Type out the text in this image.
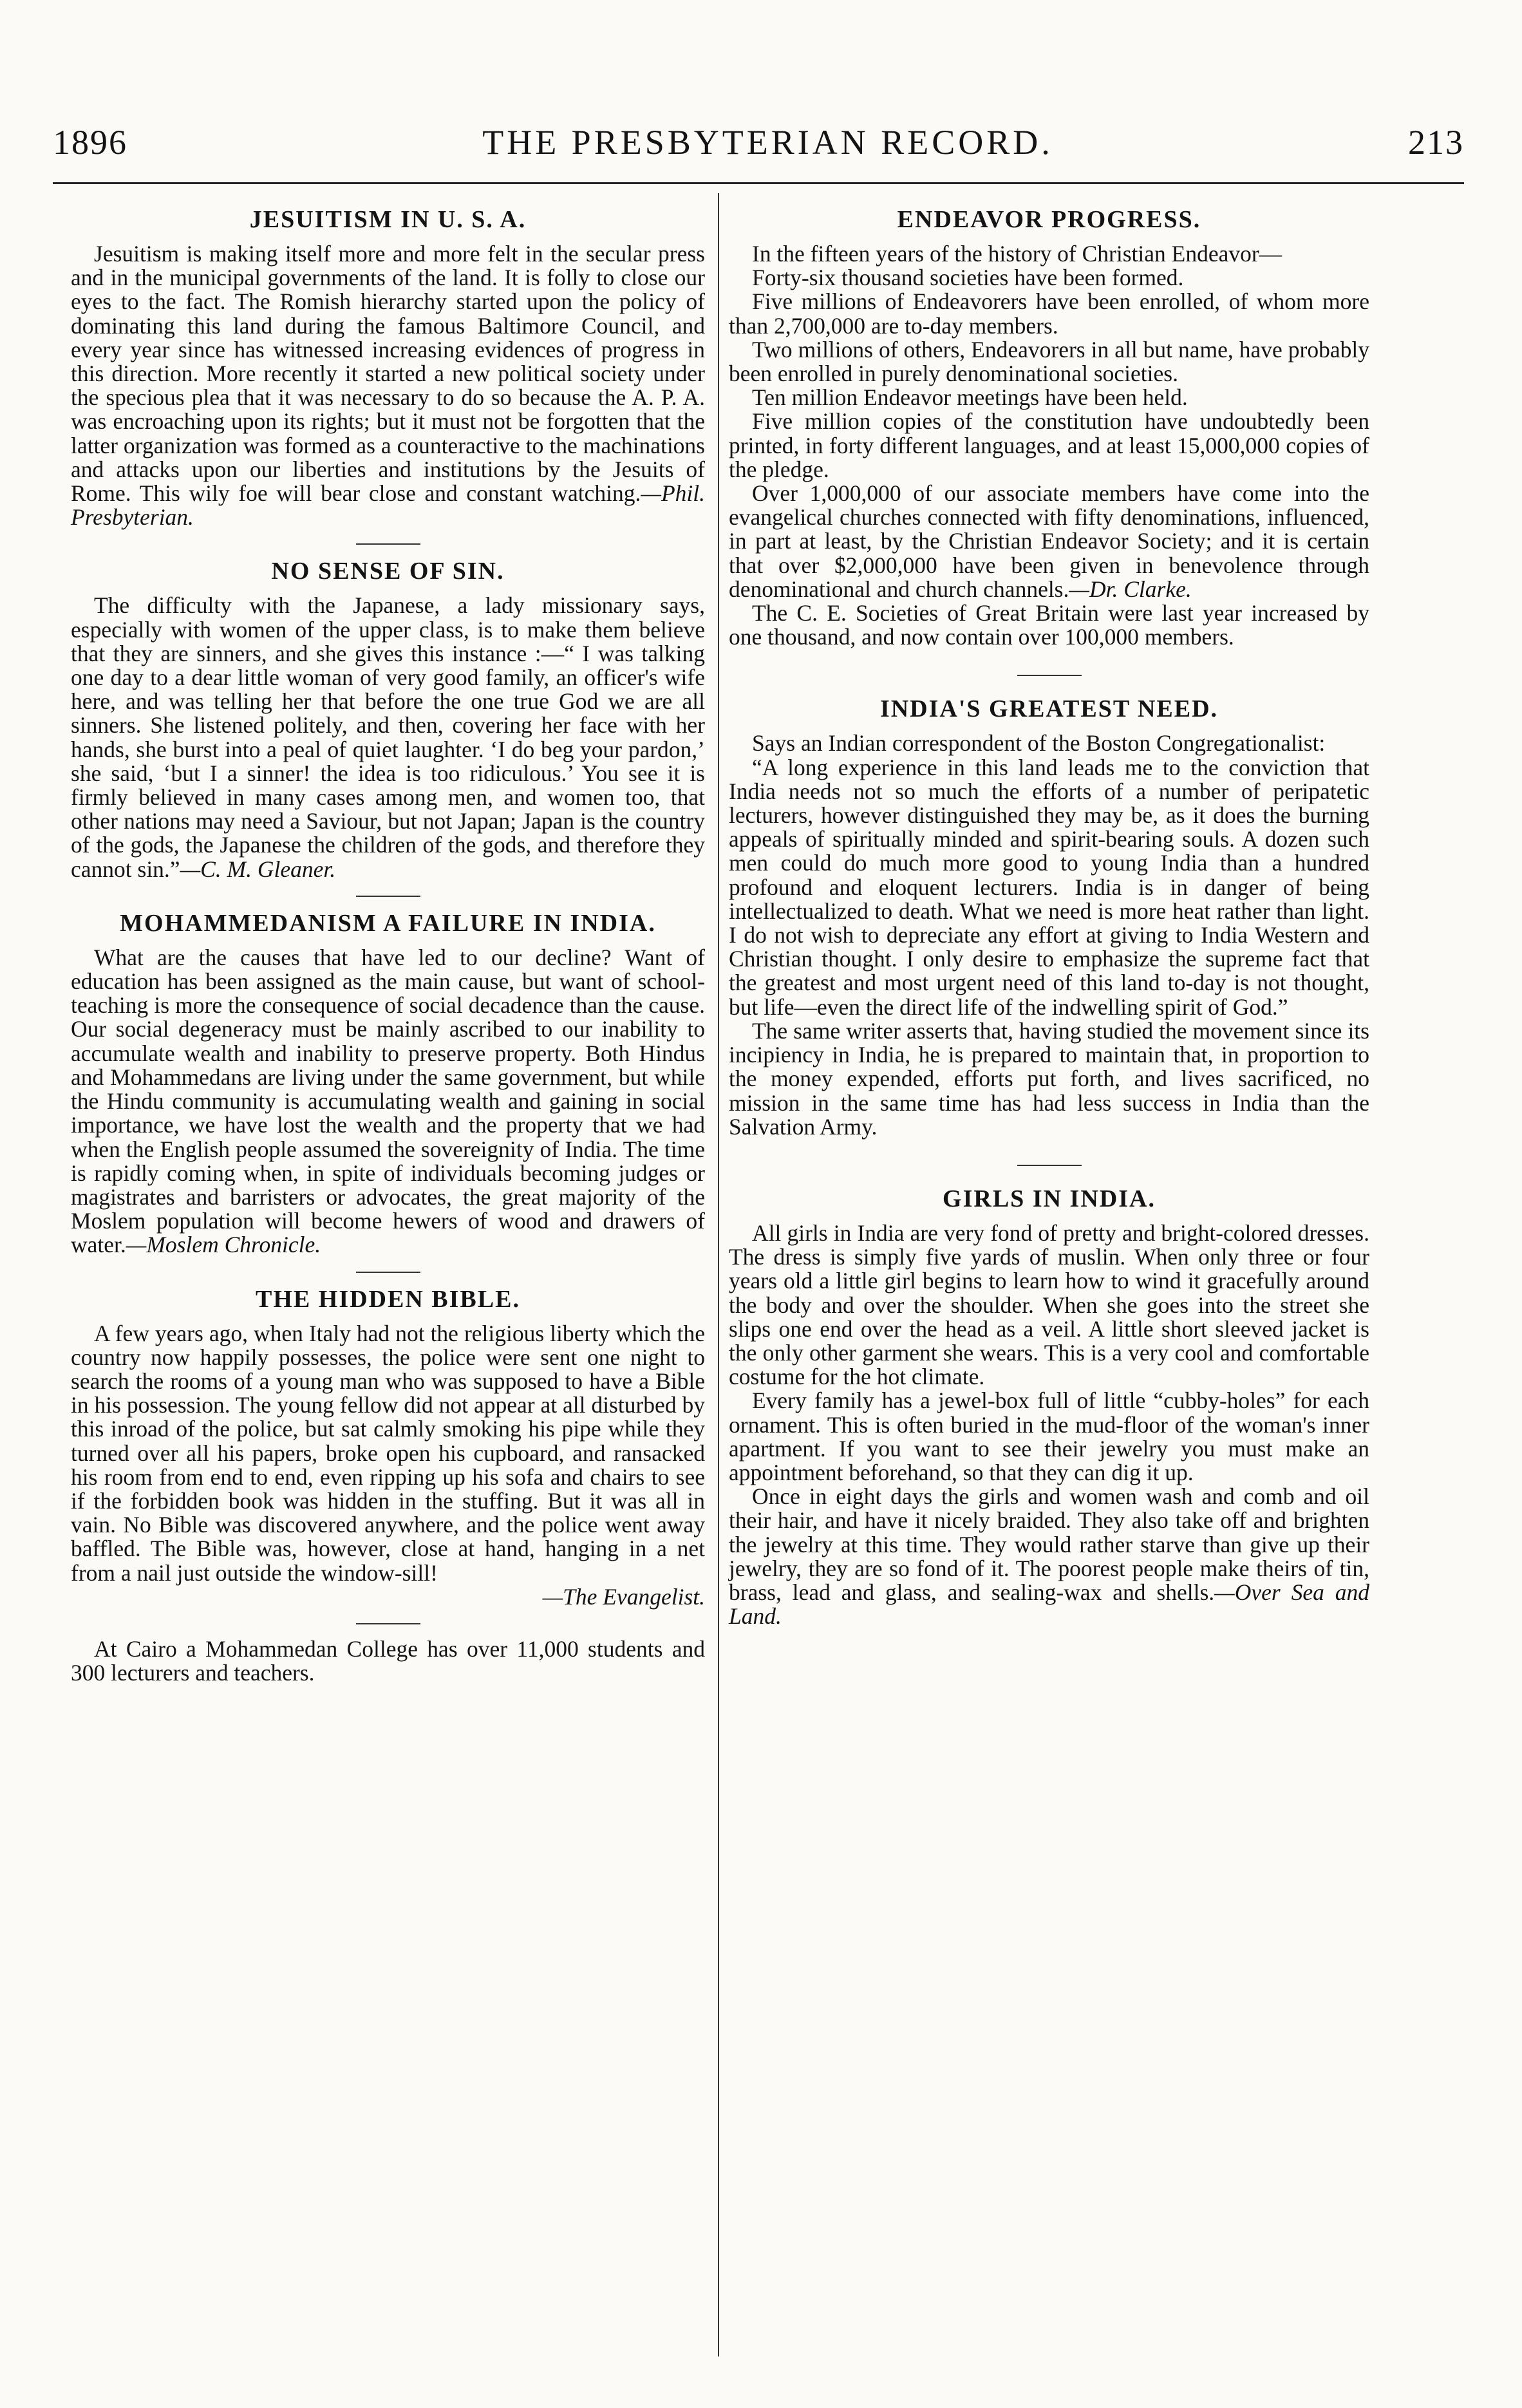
1896	THE PRESBYTERIAN RECORD.	213
JESUITISM IN U. S. A.

Jesuitism is making itself more and more felt in the secular press and in the municipal governments of the land. It is folly to close our eyes to the fact. The Romish hierarchy started upon the policy of dominating this land during the famous Baltimore Council, and every year since has witnessed increasing evidences of progress in this direction. More recently it started a new political society under the specious plea that it was necessary to do so because the A. P. A. was encroaching upon its rights; but it must not be forgotten that the latter organization was formed as a counteractive to the machinations and attacks upon our liberties and institutions by the Jesuits of Rome. This wily foe will bear close and constant watching.—Phil. Presbyterian.

NO SENSE OF SIN.

The difficulty with the Japanese, a lady missionary says, especially with women of the upper class, is to make them believe that they are sinners, and she gives this instance :—“ I was talking one day to a dear little woman of very good family, an officer's wife here, and was telling her that before the one true God we are all sinners. She listened politely, and then, covering her face with her hands, she burst into a peal of quiet laughter. ‘I do beg your pardon,’ she said, ‘but I a sinner! the idea is too ridiculous.’ You see it is firmly believed in many cases among men, and women too, that other nations may need a Saviour, but not Japan; Japan is the country of the gods, the Japanese the children of the gods, and therefore they cannot sin.”—C. M. Gleaner.

MOHAMMEDANISM A FAILURE IN INDIA.

What are the causes that have led to our decline? Want of education has been assigned as the main cause, but want of school-teaching is more the consequence of social decadence than the cause. Our social degeneracy must be mainly ascribed to our inability to accumulate wealth and inability to preserve property. Both Hindus and Mohammedans are living under the same government, but while the Hindu community is accumulating wealth and gaining in social importance, we have lost the wealth and the property that we had when the English people assumed the sovereignity of India. The time is rapidly coming when, in spite of individuals becoming judges or magistrates and barristers or advocates, the great majority of the Moslem population will become hewers of wood and drawers of water.—Moslem Chronicle.

THE HIDDEN BIBLE.

A few years ago, when Italy had not the religious liberty which the country now happily possesses, the police were sent one night to search the rooms of a young man who was supposed to have a Bible in his possession. The young fellow did not appear at all disturbed by this inroad of the police, but sat calmly smoking his pipe while they turned over all his papers, broke open his cupboard, and ransacked his room from end to end, even ripping up his sofa and chairs to see if the forbidden book was hidden in the stuffing. But it was all in vain. No Bible was discovered anywhere, and the police went away baffled. The Bible was, however, close at hand, hanging in a net from a nail just outside the window-sill!

—The Evangelist.

At Cairo a Mohammedan College has over 11,000 students and 300 lecturers and teachers.

ENDEAVOR PROGRESS.

In the fifteen years of the history of Christian Endeavor—

Forty-six thousand societies have been formed.

Five millions of Endeavorers have been enrolled, of whom more than 2,700,000 are to-day members.

Two millions of others, Endeavorers in all but name, have probably been enrolled in purely denominational societies.

Ten million Endeavor meetings have been held.

Five million copies of the constitution have undoubtedly been printed, in forty different languages, and at least 15,000,000 copies of the pledge.

Over 1,000,000 of our associate members have come into the evangelical churches connected with fifty denominations, influenced, in part at least, by the Christian Endeavor Society; and it is certain that over $2,000,000 have been given in benevolence through denominational and church channels.—Dr. Clarke.

The C. E. Societies of Great Britain were last year increased by one thousand, and now contain over 100,000 members.

INDIA'S GREATEST NEED.

Says an Indian correspondent of the Boston Congregationalist:

“A long experience in this land leads me to the conviction that India needs not so much the efforts of a number of peripatetic lecturers, however distinguished they may be, as it does the burning appeals of spiritually minded and spirit-bearing souls. A dozen such men could do much more good to young India than a hundred profound and eloquent lecturers. India is in danger of being intellectualized to death. What we need is more heat rather than light. I do not wish to depreciate any effort at giving to India Western and Christian thought. I only desire to emphasize the supreme fact that the greatest and most urgent need of this land to-day is not thought, but life—even the direct life of the indwelling spirit of God.”

The same writer asserts that, having studied the movement since its incipiency in India, he is prepared to maintain that, in proportion to the money expended, efforts put forth, and lives sacrificed, no mission in the same time has had less success in India than the Salvation Army.

GIRLS IN INDIA.

All girls in India are very fond of pretty and bright-colored dresses. The dress is simply five yards of muslin. When only three or four years old a little girl begins to learn how to wind it gracefully around the body and over the shoulder. When she goes into the street she slips one end over the head as a veil. A little short sleeved jacket is the only other garment she wears. This is a very cool and comfortable costume for the hot climate.

Every family has a jewel-box full of little “cubby-holes” for each ornament. This is often buried in the mud-floor of the woman's inner apartment. If you want to see their jewelry you must make an appointment beforehand, so that they can dig it up.

Once in eight days the girls and women wash and comb and oil their hair, and have it nicely braided. They also take off and brighten the jewelry at this time. They would rather starve than give up their jewelry, they are so fond of it. The poorest people make theirs of tin, brass, lead and glass, and sealing-wax and shells.—Over Sea and Land.
